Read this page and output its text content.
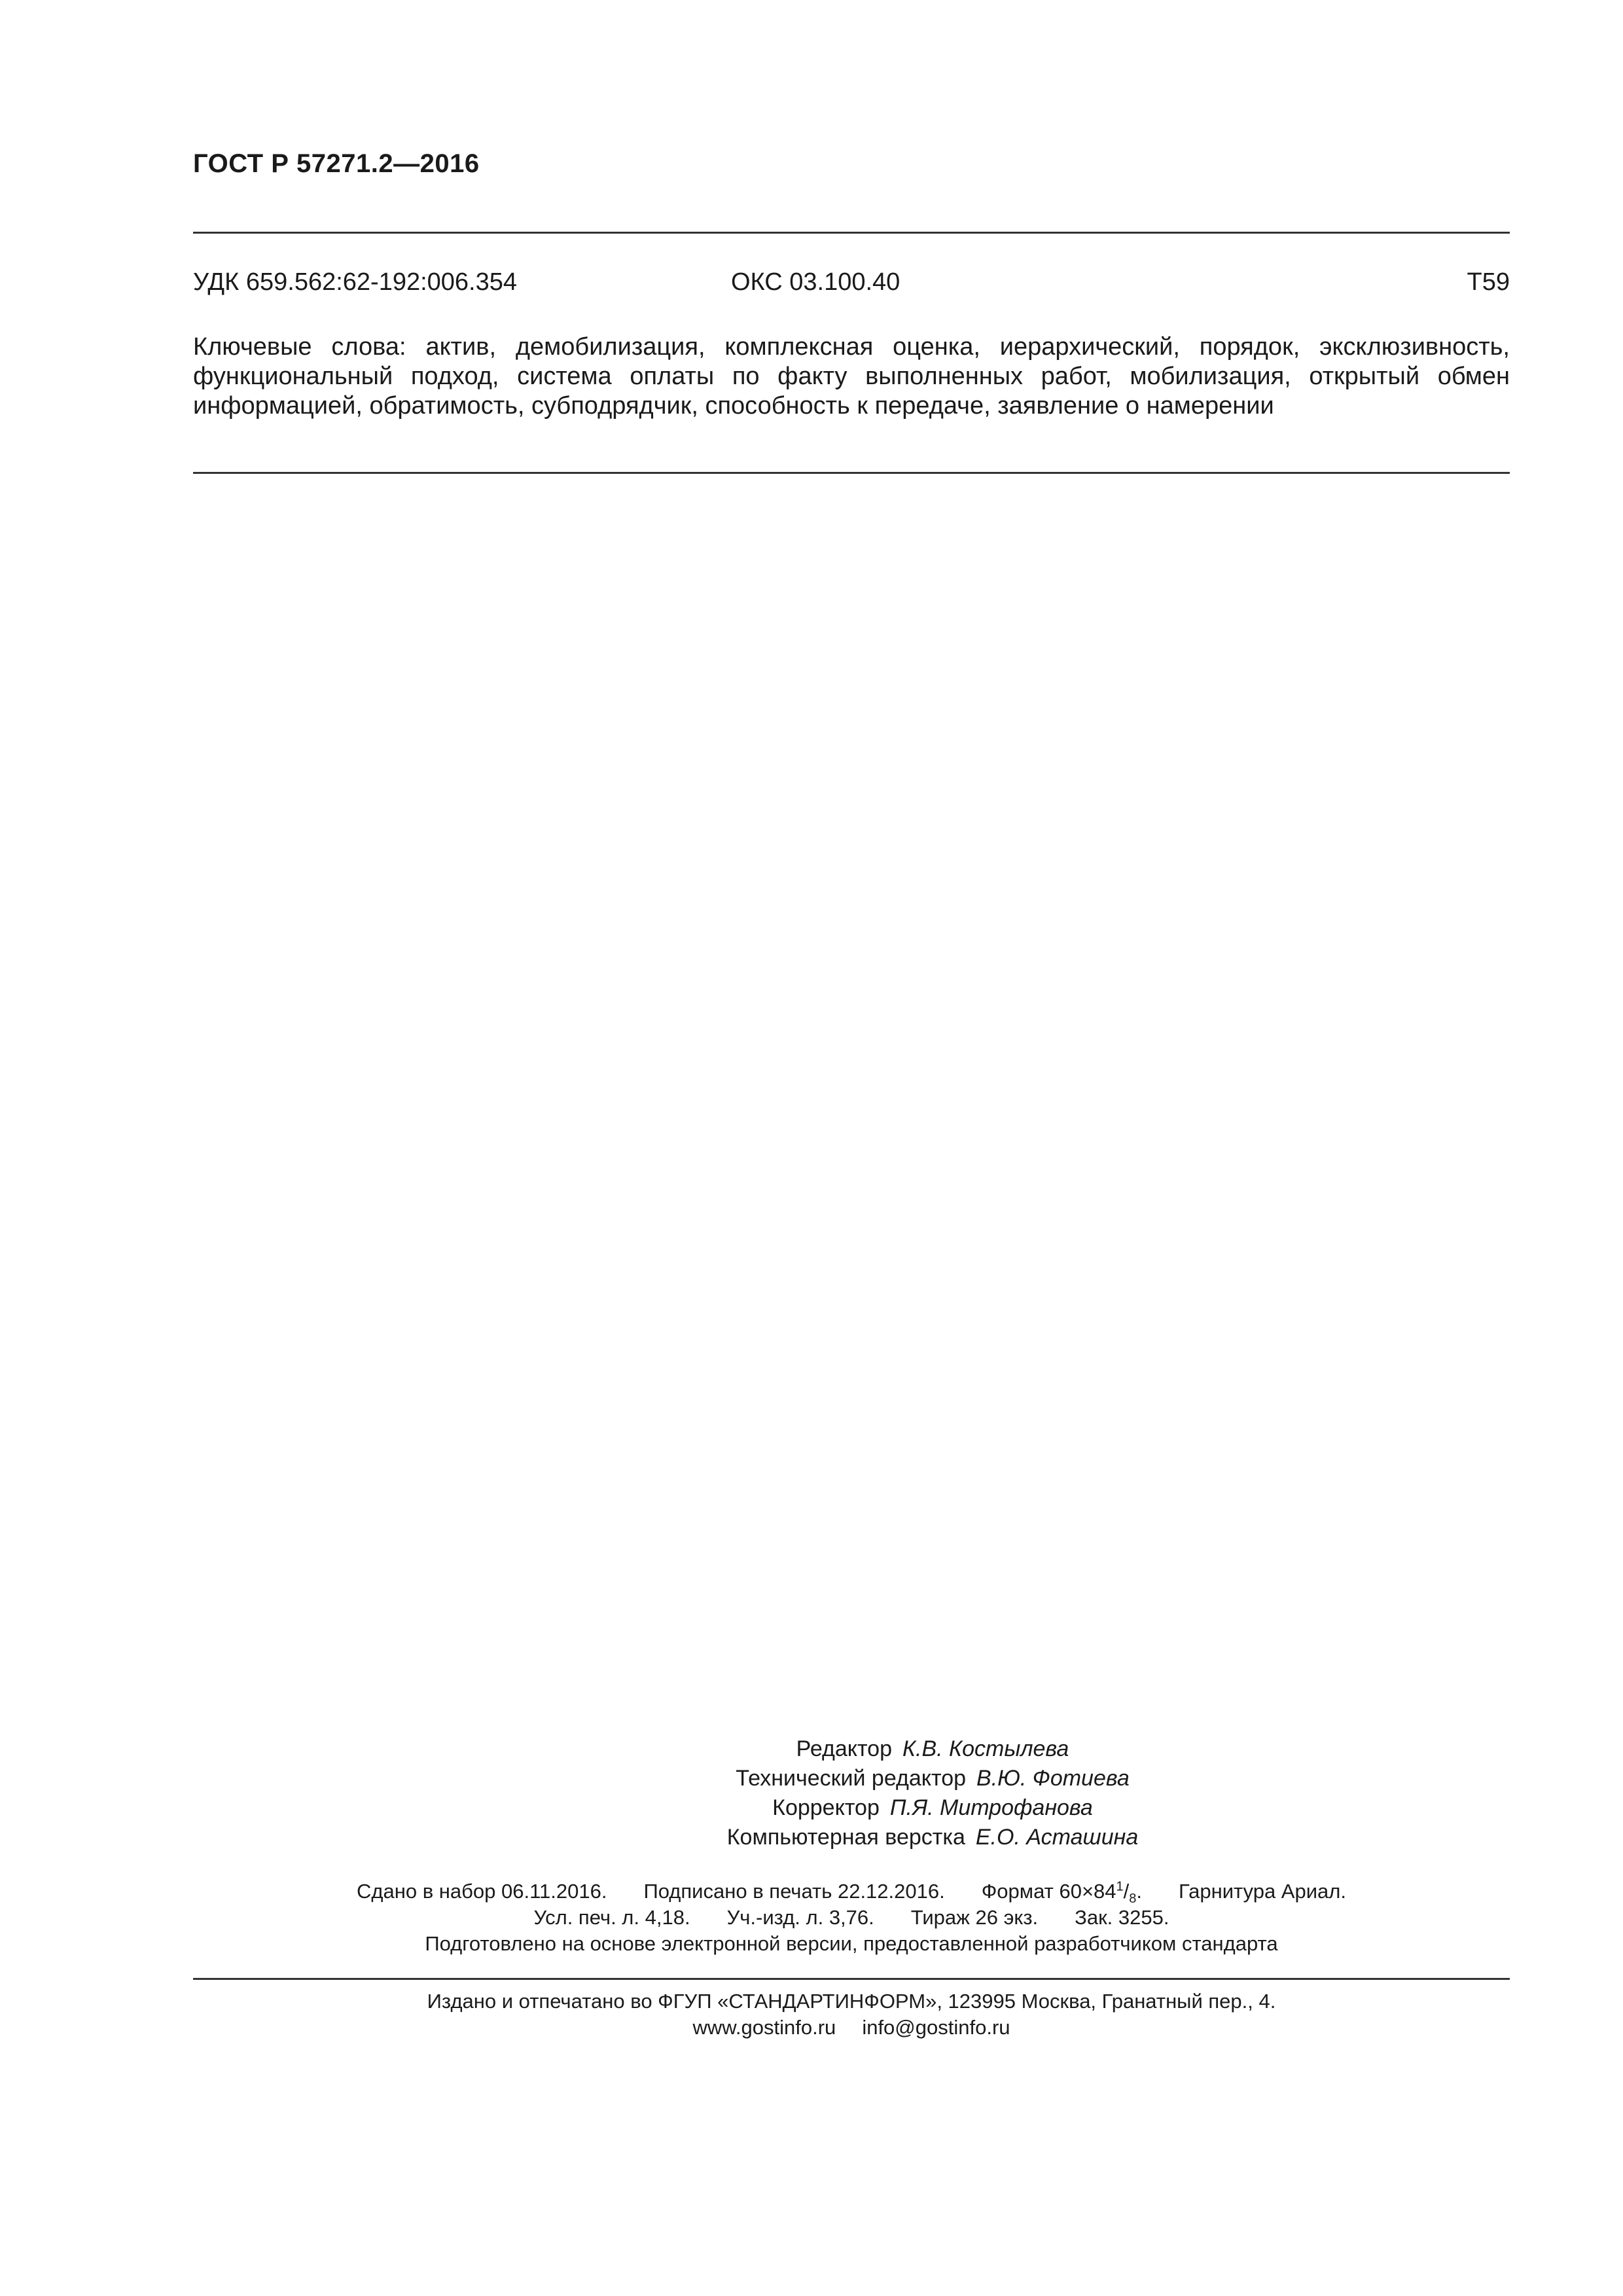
ГОСТ Р 57271.2—2016
УДК 659.562:62-192:006.354	ОКС 03.100.40	Т59
Ключевые слова: актив, демобилизация, комплексная оценка, иерархический, порядок, эксклюзивность, функциональный подход, система оплаты по факту выполненных работ, мобилизация, открытый обмен информацией, обратимость, субподрядчик, способность к передаче, заявление о намерении
Редактор К.В. Костылева
Технический редактор В.Ю. Фотиева
Корректор П.Я. Митрофанова
Компьютерная верстка Е.О. Асташина
Сдано в набор 06.11.2016. Подписано в печать 22.12.2016. Формат $60\times 84^1/_8$. Гарнитура Ариал.
Усл. печ. л. 4,18. Уч.-изд. л. 3,76. Тираж 26 экз. Зак. 3255.
Подготовлено на основе электронной версии, предоставленной разработчиком стандарта
Издано и отпечатано во ФГУП «СТАНДАРТИНФОРМ», 123995 Москва, Гранатный пер., 4.
www.gostinfo.ru info@gostinfo.ru
